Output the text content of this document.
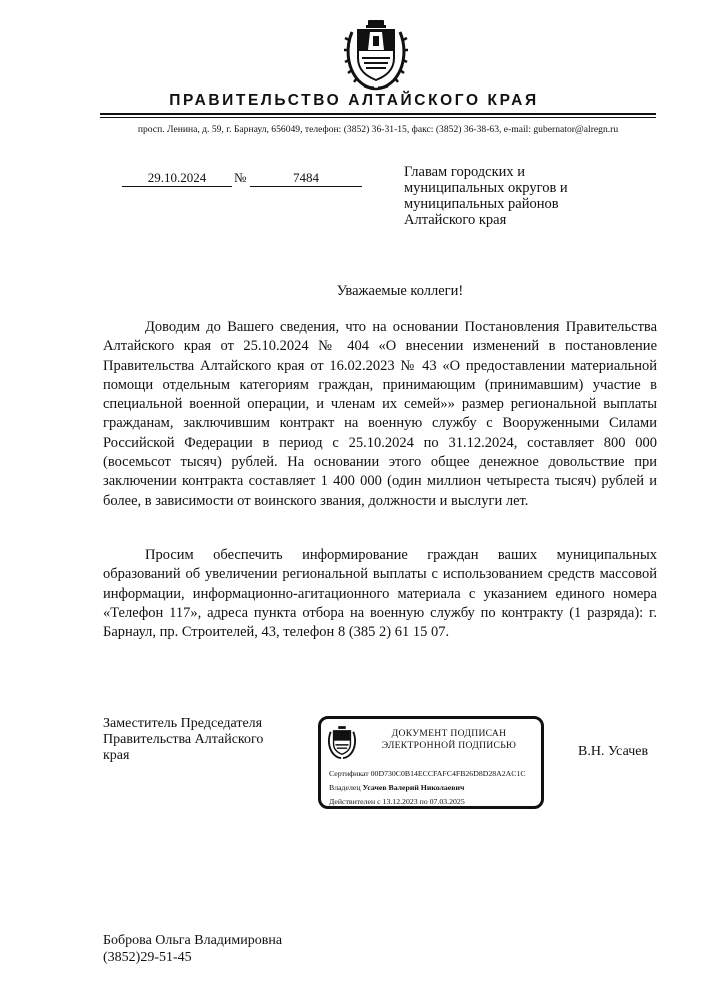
ПРАВИТЕЛЬСТВО АЛТАЙСКОГО КРАЯ
просп. Ленина, д. 59, г. Барнаул, 656049, телефон: (3852) 36-31-15, факс: (3852) 36-38-63, e-mail: gubernator@alregn.ru
29.10.2024	№	7484	Главам городских и
муниципальных округов и
муниципальных районов
Алтайского края
Уважаемые коллеги!

Доводим до Вашего сведения, что на основании Постановления Правительства Алтайского края от 25.10.2024 № 404 «О внесении изменений в постановление Правительства Алтайского края от 16.02.2023 № 43 «О предоставлении материальной помощи отдельным категориям граждан, принимающим (принимавшим) участие в специальной военной операции, и членам их семей»» размер региональной выплаты гражданам, заключившим контракт на военную службу с Вооруженными Силами Российской Федерации в период с 25.10.2024 по 31.12.2024, составляет 800 000 (восемьсот тысяч) рублей. На основании этого общее денежное довольствие при заключении контракта составляет 1 400 000 (один миллион четыреста тысяч) рублей и более, в зависимости от воинского звания, должности и выслуги лет.

Просим обеспечить информирование граждан ваших муниципальных образований об увеличении региональной выплаты с использованием средств массовой информации, информационно-агитационного материала с указанием единого номера «Телефон 117», адреса пункта отбора на военную службу по контракту (1 разряда): г. Барнаул, пр. Строителей, 43, телефон 8 (385 2) 61 15 07.

Заместитель Председателя
Правительства Алтайского
края
ДОКУМЕНТ ПОДПИСАН
ЭЛЕКТРОННОЙ ПОДПИСЬЮ
Сертификат 00D730C0B14ECCFAFC4FB26D8D28A2AC1C
Владелец Усачев Валерий Николаевич
Действителен с 13.12.2023 по 07.03.2025
В.Н. Усачев
Боброва Ольга Владимировна
(3852)29-51-45
